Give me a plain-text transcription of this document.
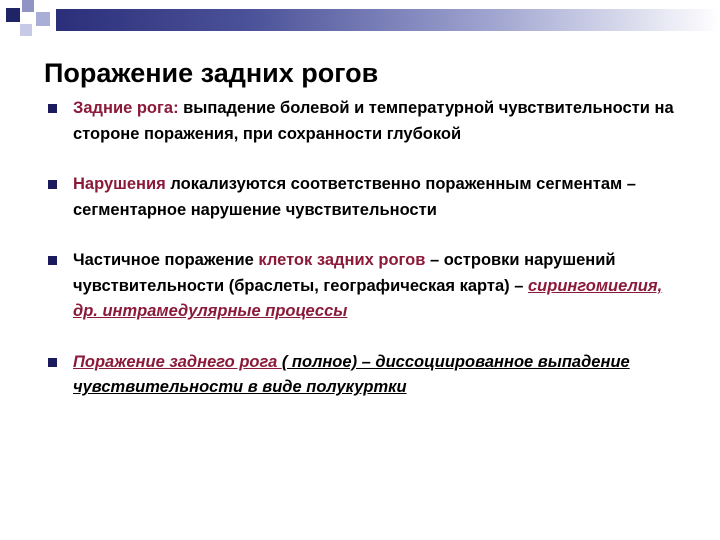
Поражение задних рогов
Задние рога: выпадение болевой и температурной чувствительности на стороне поражения, при сохранности глубокой
Нарушения локализуются соответственно пораженным сегментам – сегментарное нарушение чувствительности
Частичное поражение клеток задних рогов – островки нарушений чувствительности (браслеты, географическая карта) – сирингомиелия, др. интрамедулярные процессы
Поражение заднего рога ( полное) – диссоциированное выпадение чувствительности в виде полукуртки
